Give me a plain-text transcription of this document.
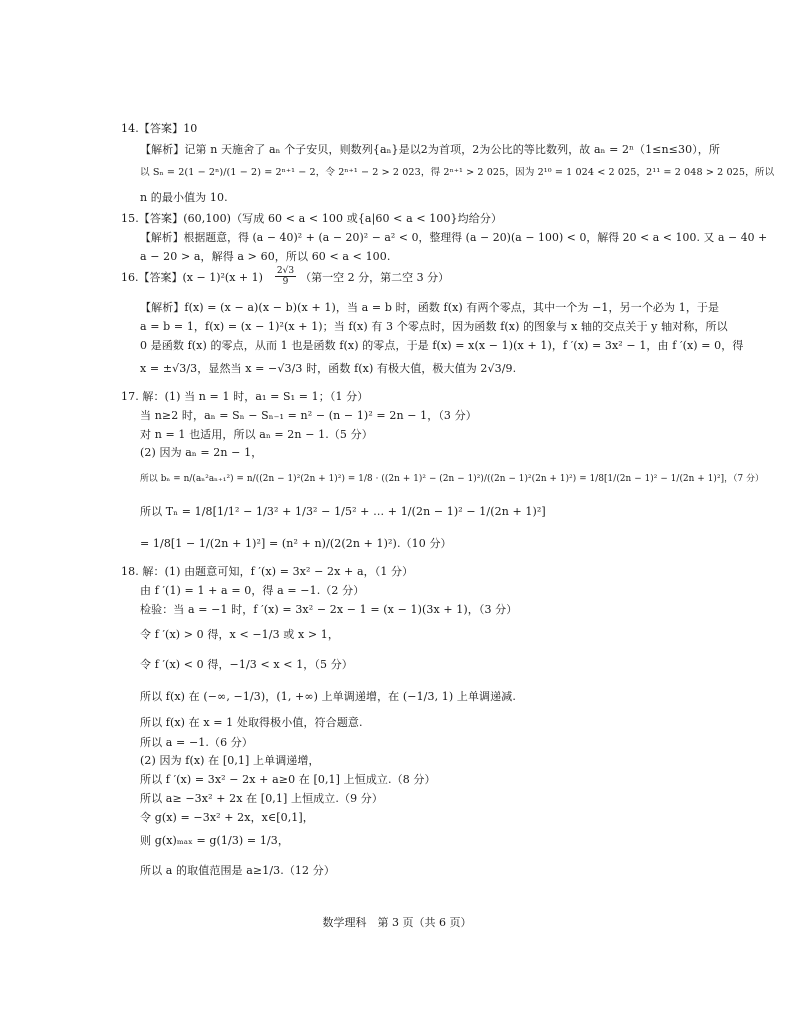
14.【答案】10
【解析】记第 n 天施舍了 aₙ 个子安贝，则数列{aₙ}是以2为首项，2为公比的等比数列，故 aₙ = 2ⁿ（1≤n≤30），所
以 Sₙ = 2(1 − 2ⁿ)/(1 − 2) = 2ⁿ⁺¹ − 2，令 2ⁿ⁺¹ − 2 > 2 023，得 2ⁿ⁺¹ > 2 025，因为 2¹⁰ = 1 024 < 2 025，2¹¹ = 2 048 > 2 025，所以
n 的最小值为 10.
15.【答案】(60,100)（写成 60 < a < 100 或{a|60 < a < 100}均给分）
【解析】根据题意，得 (a − 40)² + (a − 20)² − a² < 0，整理得 (a − 20)(a − 100) < 0，解得 20 < a < 100. 又 a − 40 +
a − 20 > a，解得 a > 60，所以 60 < a < 100.
16.【答案】$(x - 1)^2(x + 1) \frac{2√3}{9}$ （第一空 2 分，第二空 3 分）
【解析】f(x) = (x − a)(x − b)(x + 1)，当 a = b 时，函数 f(x) 有两个零点，其中一个为 −1，另一个必为 1，于是
a = b = 1，f(x) = (x − 1)²(x + 1)；当 f(x) 有 3 个零点时，因为函数 f(x) 的图象与 x 轴的交点关于 y 轴对称，所以
0 是函数 f(x) 的零点，从而 1 也是函数 f(x) 的零点，于是 f(x) = x(x − 1)(x + 1)，f ′(x) = 3x² − 1，由 f ′(x) = 0，得
x = ±√3/3，显然当 x = −√3/3 时，函数 f(x) 有极大值，极大值为 2√3/9.
17. 解：(1) 当 n = 1 时，a₁ = S₁ = 1；（1 分）
当 n≥2 时，aₙ = Sₙ − Sₙ₋₁ = n² − (n − 1)² = 2n − 1，（3 分）
对 n = 1 也适用，所以 aₙ = 2n − 1.（5 分）
(2) 因为 aₙ = 2n − 1，
所以 bₙ = n/(aₙ²aₙ₊₁²) = n/((2n − 1)²(2n + 1)²) = 1/8 · ((2n + 1)² − (2n − 1)²)/((2n − 1)²(2n + 1)²) = 1/8[1/(2n − 1)² − 1/(2n + 1)²]，（7 分）
所以 Tₙ = 1/8[1/1² − 1/3² + 1/3² − 1/5² + … + 1/(2n − 1)² − 1/(2n + 1)²]
= 1/8[1 − 1/(2n + 1)²] = (n² + n)/(2(2n + 1)²).（10 分）
18. 解：(1) 由题意可知，f ′(x) = 3x² − 2x + a，（1 分）
由 f ′(1) = 1 + a = 0，得 a = −1.（2 分）
检验：当 a = −1 时，f ′(x) = 3x² − 2x − 1 = (x − 1)(3x + 1)，（3 分）
令 f ′(x) > 0 得，x < −1/3 或 x > 1，
令 f ′(x) < 0 得，−1/3 < x < 1，（5 分）
所以 f(x) 在 (−∞, −1/3)，(1, +∞) 上单调递增，在 (−1/3, 1) 上单调递减.
所以 f(x) 在 x = 1 处取得极小值，符合题意.
所以 a = −1.（6 分）
(2) 因为 f(x) 在 [0,1] 上单调递增，
所以 f ′(x) = 3x² − 2x + a≥0 在 [0,1] 上恒成立.（8 分）
所以 a≥ −3x² + 2x 在 [0,1] 上恒成立.（9 分）
令 g(x) = −3x² + 2x，x∈[0,1]，
则 g(x)ₘₐₓ = g(1/3) = 1/3，
所以 a 的取值范围是 a≥1/3.（12 分）
数学理科　第 3 页（共 6 页）
